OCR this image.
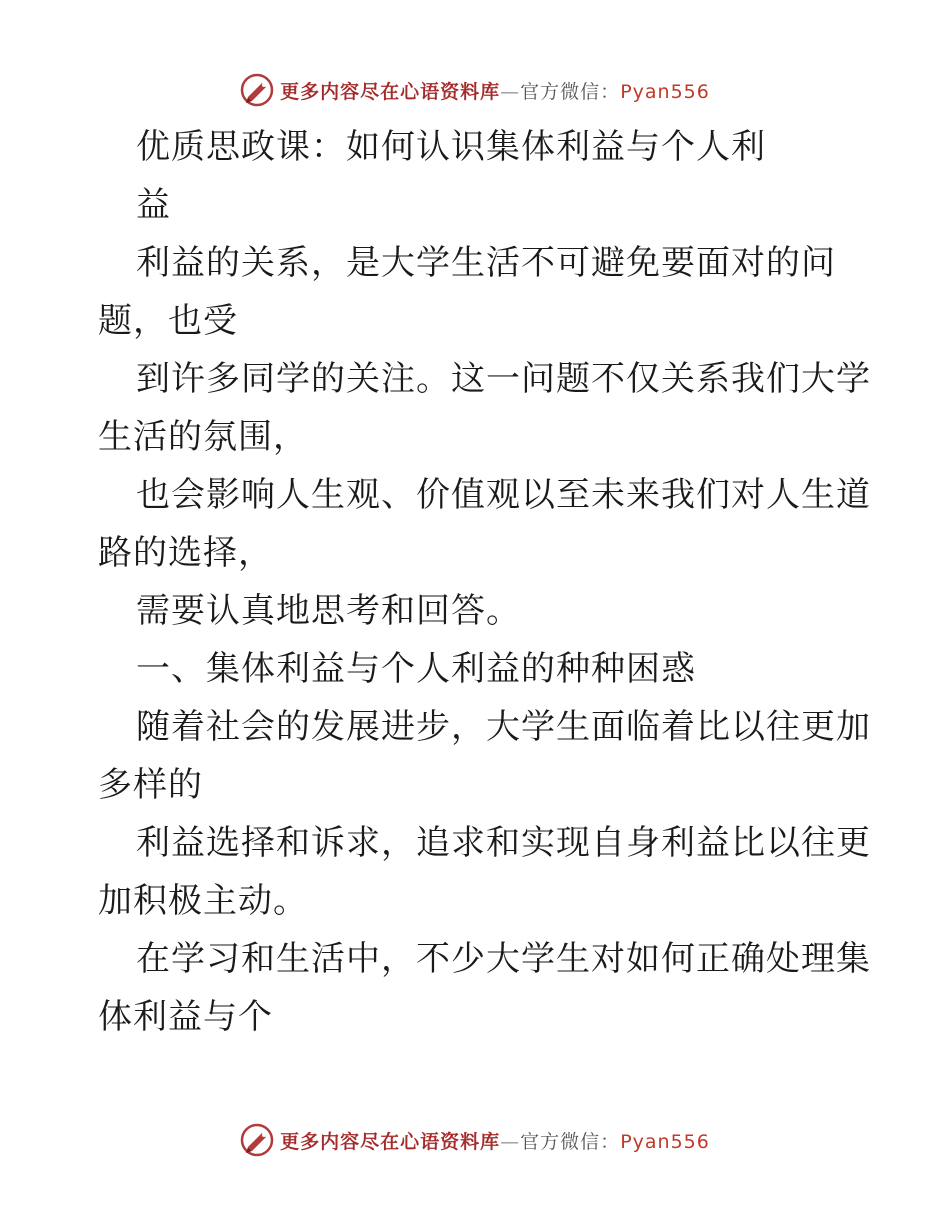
更多内容尽在心语资料库—官方微信：Pyan556
优质思政课：如何认识集体利益与个人利
益
利益的关系，是大学生活不可避免要面对的问
题，也受
到许多同学的关注。这一问题不仅关系我们大学
生活的氛围，
也会影响人生观、价值观以至未来我们对人生道
路的选择，
需要认真地思考和回答。
一、集体利益与个人利益的种种困惑
随着社会的发展进步，大学生面临着比以往更加
多样的
利益选择和诉求，追求和实现自身利益比以往更
加积极主动。
在学习和生活中，不少大学生对如何正确处理集
体利益与个
更多内容尽在心语资料库—官方微信：Pyan556
